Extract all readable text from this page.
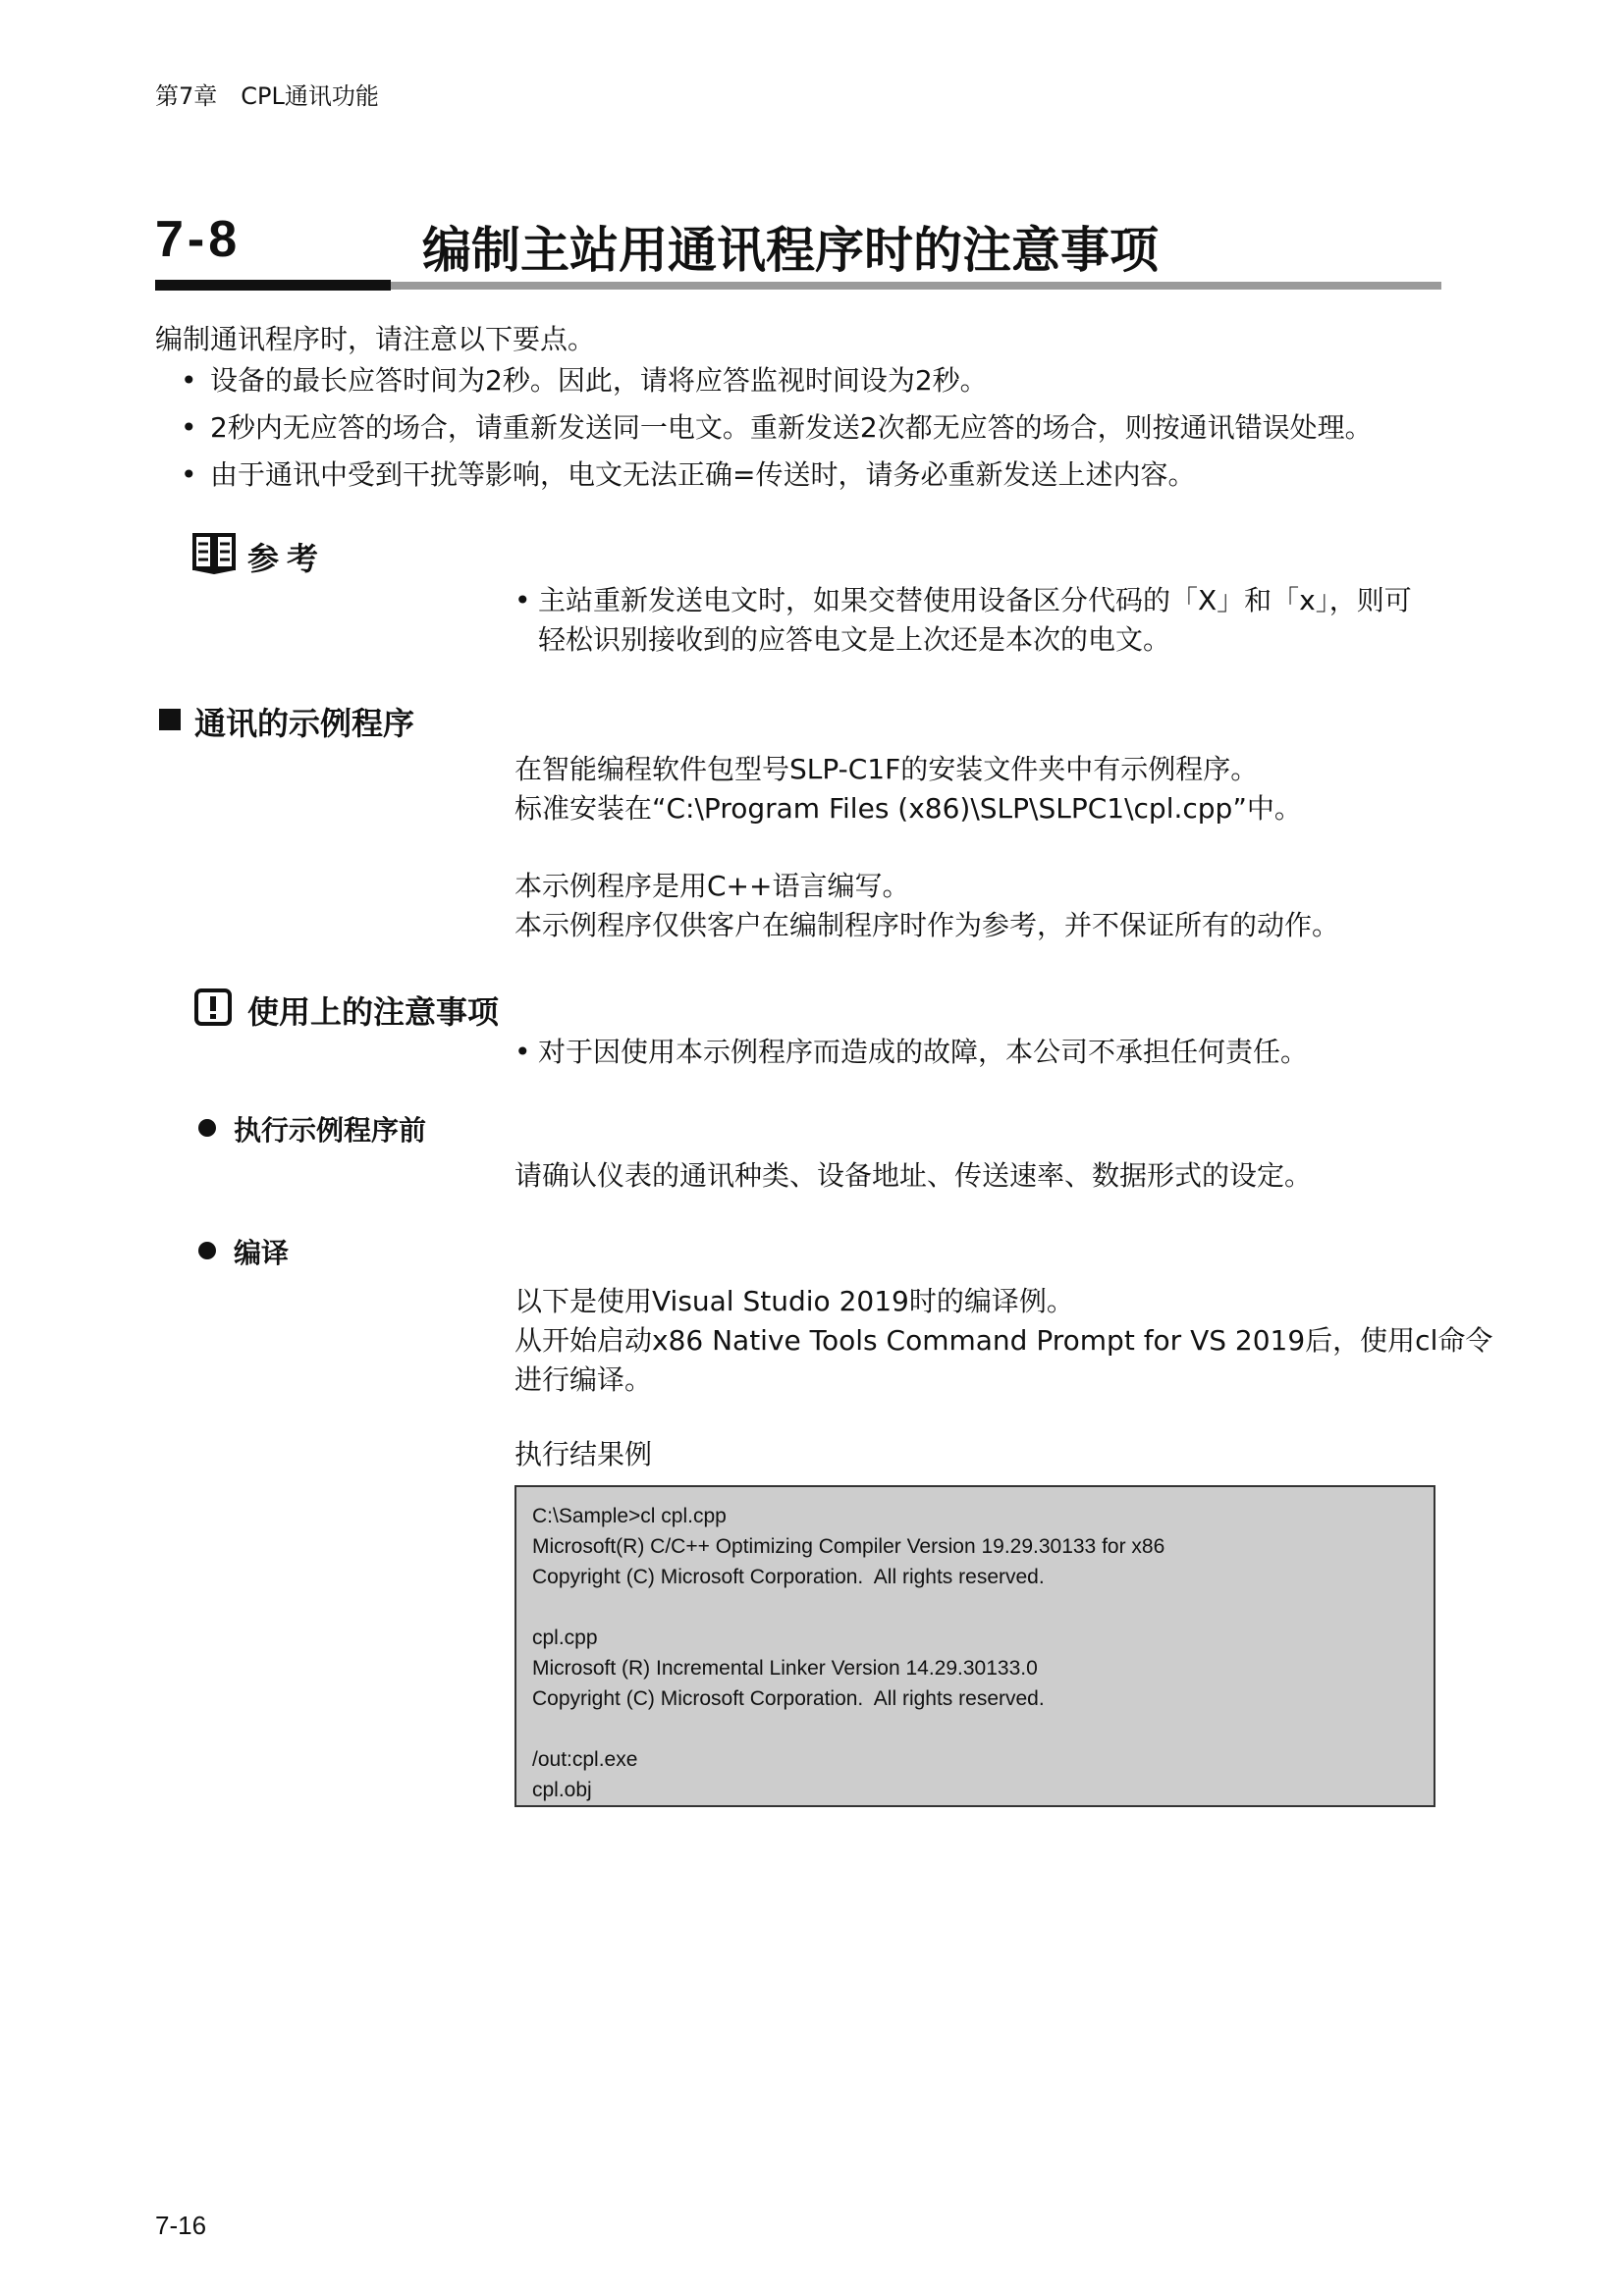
第7章　CPL通讯功能
7-8	编制主站用通讯程序时的注意事项
编制通讯程序时，请注意以下要点。
• 设备的最长应答时间为2秒。因此，请将应答监视时间设为2秒。
• 2秒内无应答的场合，请重新发送同一电文。重新发送2次都无应答的场合，则按通讯错误处理。
• 由于通讯中受到干扰等影响，电文无法正确=传送时，请务必重新发送上述内容。
参考
• 主站重新发送电文时，如果交替使用设备区分代码的「X」和「x」，则可
轻松识别接收到的应答电文是上次还是本次的电文。
通讯的示例程序
在智能编程软件包型号SLP-C1F的安装文件夹中有示例程序。
标准安装在“C:\Program Files (x86)\SLP\SLPC1\cpl.cpp”中。
本示例程序是用C++语言编写。
本示例程序仅供客户在编制程序时作为参考，并不保证所有的动作。
使用上的注意事项
• 对于因使用本示例程序而造成的故障，本公司不承担任何责任。
执行示例程序前
请确认仪表的通讯种类、设备地址、传送速率、数据形式的设定。
编译
以下是使用Visual Studio 2019时的编译例。
从开始启动x86 Native Tools Command Prompt for VS 2019后，使用cl命令
进行编译。
执行结果例
C:\Sample>cl cpl.cpp
Microsoft(R) C/C++ Optimizing Compiler Version 19.29.30133 for x86
Copyright (C) Microsoft Corporation.  All rights reserved.
cpl.cpp
Microsoft (R) Incremental Linker Version 14.29.30133.0
Copyright (C) Microsoft Corporation.  All rights reserved.
/out:cpl.exe
cpl.obj
7-16
